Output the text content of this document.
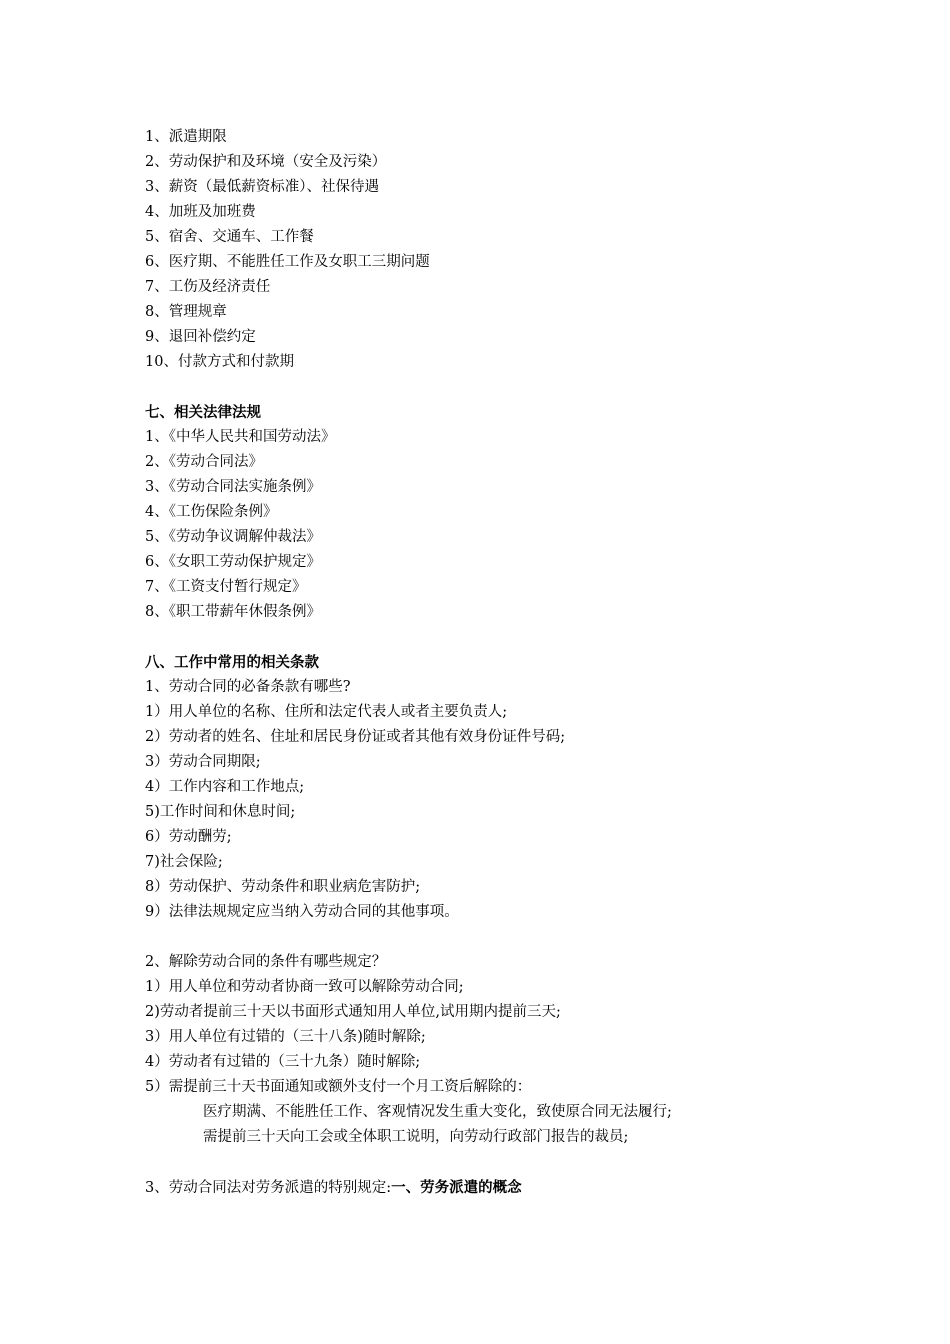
1、派遣期限
2、劳动保护和及环境（安全及污染）
3、薪资（最低薪资标准）、社保待遇
4、加班及加班费
5、宿舍、交通车、工作餐
6、医疗期、不能胜任工作及女职工三期问题
7、工伤及经济责任
8、管理规章
9、退回补偿约定
10、付款方式和付款期
七、相关法律法规
1、《中华人民共和国劳动法》
2、《劳动合同法》
3、《劳动合同法实施条例》
4、《工伤保险条例》
5、《劳动争议调解仲裁法》
6、《女职工劳动保护规定》
7、《工资支付暂行规定》
8、《职工带薪年休假条例》
八、工作中常用的相关条款
1、劳动合同的必备条款有哪些?
1）用人单位的名称、住所和法定代表人或者主要负责人;
2）劳动者的姓名、住址和居民身份证或者其他有效身份证件号码;
3）劳动合同期限;
4）工作内容和工作地点;
5)工作时间和休息时间;
6）劳动酬劳;
7)社会保险;
8）劳动保护、劳动条件和职业病危害防护;
9）法律法规规定应当纳入劳动合同的其他事项。
2、解除劳动合同的条件有哪些规定？
1）用人单位和劳动者协商一致可以解除劳动合同;
2)劳动者提前三十天以书面形式通知用人单位,试用期内提前三天;
3）用人单位有过错的（三十八条)随时解除;
4）劳动者有过错的（三十九条）随时解除;
5）需提前三十天书面通知或额外支付一个月工资后解除的：
医疗期满、不能胜任工作、客观情况发生重大变化，致使原合同无法履行;
需提前三十天向工会或全体职工说明，向劳动行政部门报告的裁员;
3、劳动合同法对劳务派遣的特别规定:一、劳务派遣的概念
